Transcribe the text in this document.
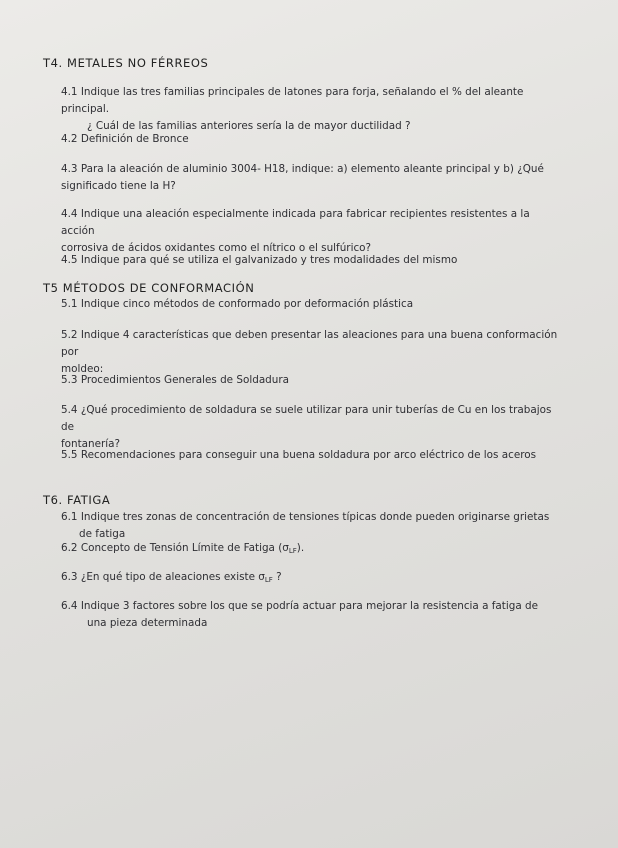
T4. METALES NO FÉRREOS
4.1 Indique las tres familias principales de latones para forja, señalando el % del aleante principal.
¿ Cuál de las familias anteriores sería la de mayor ductilidad ?
4.2 Definición de Bronce
4.3 Para la aleación de aluminio 3004- H18, indique: a) elemento aleante principal y b) ¿Qué
significado tiene la H?
4.4 Indique una aleación especialmente indicada para fabricar recipientes resistentes a la acción
corrosiva de ácidos oxidantes como el nítrico o el sulfúrico?
4.5 Indique para qué se utiliza el galvanizado y tres modalidades del mismo
T5 MÉTODOS DE CONFORMACIÓN
5.1 Indique cinco métodos de conformado por deformación plástica
5.2 Indique 4 características que deben presentar las aleaciones para una buena conformación por
moldeo:
5.3 Procedimientos Generales de Soldadura
5.4 ¿Qué procedimiento de soldadura se suele utilizar para unir tuberías de Cu en los trabajos de
fontanería?
5.5 Recomendaciones para conseguir una buena soldadura por arco eléctrico de los aceros
T6. FATIGA
6.1 Indique tres zonas de concentración de tensiones típicas donde pueden originarse grietas
de fatiga
6.2 Concepto de Tensión Límite de Fatiga $(\sigma_{LF})$.
6.3 ¿En qué tipo de aleaciones existe $\sigma_{LF}$ ?
6.4 Indique 3 factores sobre los que se podría actuar para mejorar la resistencia a fatiga de
una pieza determinada
